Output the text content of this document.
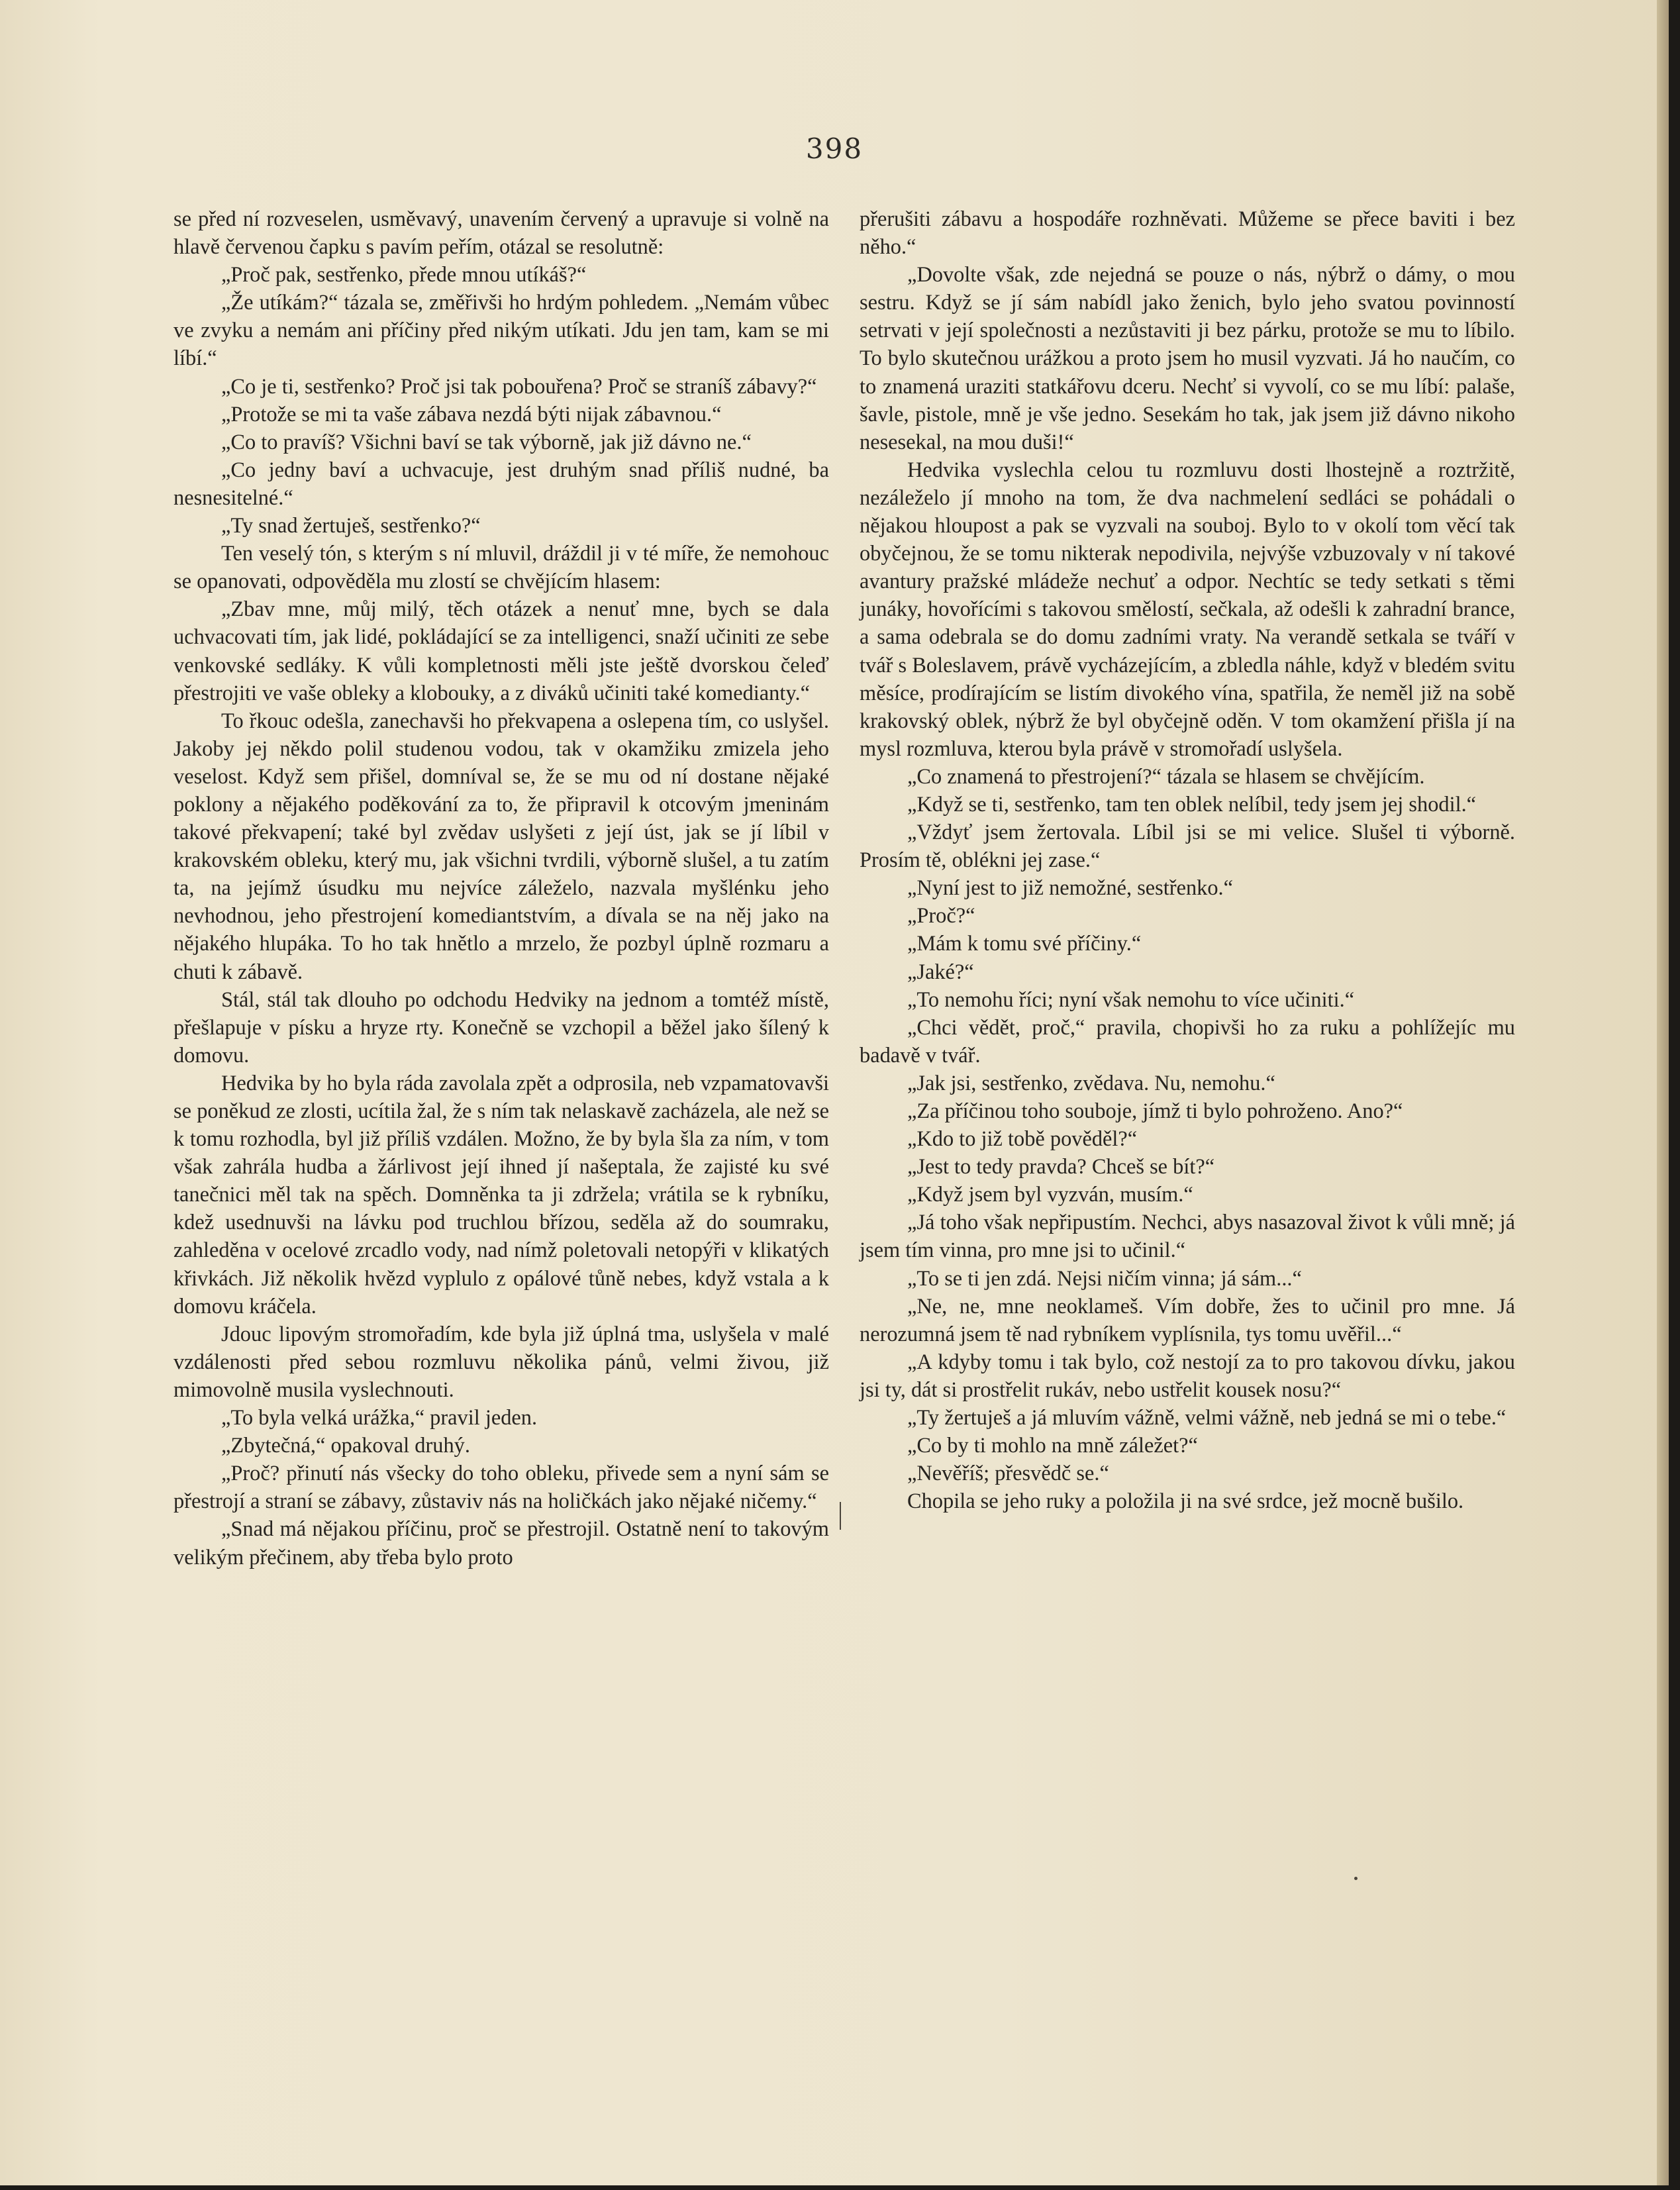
398

se před ní rozveselen, usměvavý, unavením červený a upravuje si volně na hlavě červenou čapku s pavím peřím, otázal se resolutně:

„Proč pak, sestřenko, přede mnou utíkáš?“

„Že utíkám?“ tázala se, změřivši ho hrdým pohledem. „Nemám vůbec ve zvyku a nemám ani příčiny před nikým utíkati. Jdu jen tam, kam se mi líbí.“

„Co je ti, sestřenko? Proč jsi tak pobouřena? Proč se straníš zábavy?“

„Protože se mi ta vaše zábava nezdá býti nijak zábavnou.“

„Co to pravíš? Všichni baví se tak výborně, jak již dávno ne.“

„Co jedny baví a uchvacuje, jest druhým snad příliš nudné, ba nesnesitelné.“

„Ty snad žertuješ, sestřenko?“

Ten veselý tón, s kterým s ní mluvil, dráždil ji v té míře, že nemohouc se opanovati, odpověděla mu zlostí se chvějícím hlasem:

„Zbav mne, můj milý, těch otázek a nenuť mne, bych se dala uchvacovati tím, jak lidé, pokládající se za intelligenci, snaží učiniti ze sebe venkovské sedláky. K vůli kompletnosti měli jste ještě dvorskou čeleď přestrojiti ve vaše obleky a klobouky, a z diváků učiniti také komedianty.“

To řkouc odešla, zanechavši ho překvapena a oslepena tím, co uslyšel. Jakoby jej někdo polil studenou vodou, tak v okamžiku zmizela jeho veselost. Když sem přišel, domníval se, že se mu od ní dostane nějaké poklony a nějakého poděkování za to, že připravil k otcovým jmeninám takové překvapení; také byl zvědav uslyšeti z její úst, jak se jí líbil v krakovském obleku, který mu, jak všichni tvrdili, výborně slušel, a tu zatím ta, na jejímž úsudku mu nejvíce záleželo, nazvala myšlénku jeho nevhodnou, jeho přestrojení komediantstvím, a dívala se na něj jako na nějakého hlupáka. To ho tak hnětlo a mrzelo, že pozbyl úplně rozmaru a chuti k zábavě.

Stál, stál tak dlouho po odchodu Hedviky na jednom a tomtéž místě, přešlapuje v písku a hryze rty. Konečně se vzchopil a běžel jako šílený k domovu.

Hedvika by ho byla ráda zavolala zpět a odprosila, neb vzpamatovavši se poněkud ze zlosti, ucítila žal, že s ním tak nelaskavě zacházela, ale než se k tomu rozhodla, byl již příliš vzdálen. Možno, že by byla šla za ním, v tom však zahrála hudba a žárlivost její ihned jí našeptala, že zajisté ku své tanečnici měl tak na spěch. Domněnka ta ji zdržela; vrátila se k rybníku, kdež usednuvši na lávku pod truchlou břízou, seděla až do soumraku, zahleděna v ocelové zrcadlo vody, nad nímž poletovali netopýři v klikatých křivkách. Již několik hvězd vyplulo z opálové tůně nebes, když vstala a k domovu kráčela.

Jdouc lipovým stromořadím, kde byla již úplná tma, uslyšela v malé vzdálenosti před sebou rozmluvu několika pánů, velmi živou, již mimovolně musila vyslechnouti.

„To byla velká urážka,“ pravil jeden.

„Zbytečná,“ opakoval druhý.

„Proč? přinutí nás všecky do toho obleku, přivede sem a nyní sám se přestrojí a straní se zábavy, zůstaviv nás na holičkách jako nějaké ničemy.“

„Snad má nějakou příčinu, proč se přestrojil. Ostatně není to takovým velikým přečinem, aby třeba bylo proto

přerušiti zábavu a hospodáře rozhněvati. Můžeme se přece baviti i bez něho.“

„Dovolte však, zde nejedná se pouze o nás, nýbrž o dámy, o mou sestru. Když se jí sám nabídl jako ženich, bylo jeho svatou povinností setrvati v její společnosti a nezůstaviti ji bez párku, protože se mu to líbilo. To bylo skutečnou urážkou a proto jsem ho musil vyzvati. Já ho naučím, co to znamená uraziti statkářovu dceru. Nechť si vyvolí, co se mu líbí: palaše, šavle, pistole, mně je vše jedno. Sesekám ho tak, jak jsem již dávno nikoho nesesekal, na mou duši!“

Hedvika vyslechla celou tu rozmluvu dosti lhostejně a roztržitě, nezáleželo jí mnoho na tom, že dva nachmelení sedláci se pohádali o nějakou hloupost a pak se vyzvali na souboj. Bylo to v okolí tom věcí tak obyčejnou, že se tomu nikterak nepodivila, nejvýše vzbuzovaly v ní takové avantury pražské mládeže nechuť a odpor. Nechtíc se tedy setkati s těmi junáky, hovořícími s takovou smělostí, sečkala, až odešli k zahradní brance, a sama odebrala se do domu zadními vraty. Na verandě setkala se tváří v tvář s Boleslavem, právě vycházejícím, a zbledla náhle, když v bledém svitu měsíce, prodírajícím se listím divokého vína, spatřila, že neměl již na sobě krakovský oblek, nýbrž že byl obyčejně oděn. V tom okamžení přišla jí na mysl rozmluva, kterou byla právě v stromořadí uslyšela.

„Co znamená to přestrojení?“ tázala se hlasem se chvějícím.

„Když se ti, sestřenko, tam ten oblek nelíbil, tedy jsem jej shodil.“

„Vždyť jsem žertovala. Líbil jsi se mi velice. Slušel ti výborně. Prosím tě, oblékni jej zase.“

„Nyní jest to již nemožné, sestřenko.“

„Proč?“

„Mám k tomu své příčiny.“

„Jaké?“

„To nemohu říci; nyní však nemohu to více učiniti.“

„Chci vědět, proč,“ pravila, chopivši ho za ruku a pohlížejíc mu badavě v tvář.

„Jak jsi, sestřenko, zvědava. Nu, nemohu.“

„Za příčinou toho souboje, jímž ti bylo pohroženo. Ano?“

„Kdo to již tobě pověděl?“

„Jest to tedy pravda? Chceš se bít?“

„Když jsem byl vyzván, musím.“

„Já toho však nepřipustím. Nechci, abys nasazoval život k vůli mně; já jsem tím vinna, pro mne jsi to učinil.“

„To se ti jen zdá. Nejsi ničím vinna; já sám...“

„Ne, ne, mne neoklameš. Vím dobře, žes to učinil pro mne. Já nerozumná jsem tě nad rybníkem vyplísnila, tys tomu uvěřil...“

„A kdyby tomu i tak bylo, což nestojí za to pro takovou dívku, jakou jsi ty, dát si prostřelit rukáv, nebo ustřelit kousek nosu?“

„Ty žertuješ a já mluvím vážně, velmi vážně, neb jedná se mi o tebe.“

„Co by ti mohlo na mně záležet?“

„Nevěříš; přesvědč se.“

Chopila se jeho ruky a položila ji na své srdce, jež mocně bušilo.
